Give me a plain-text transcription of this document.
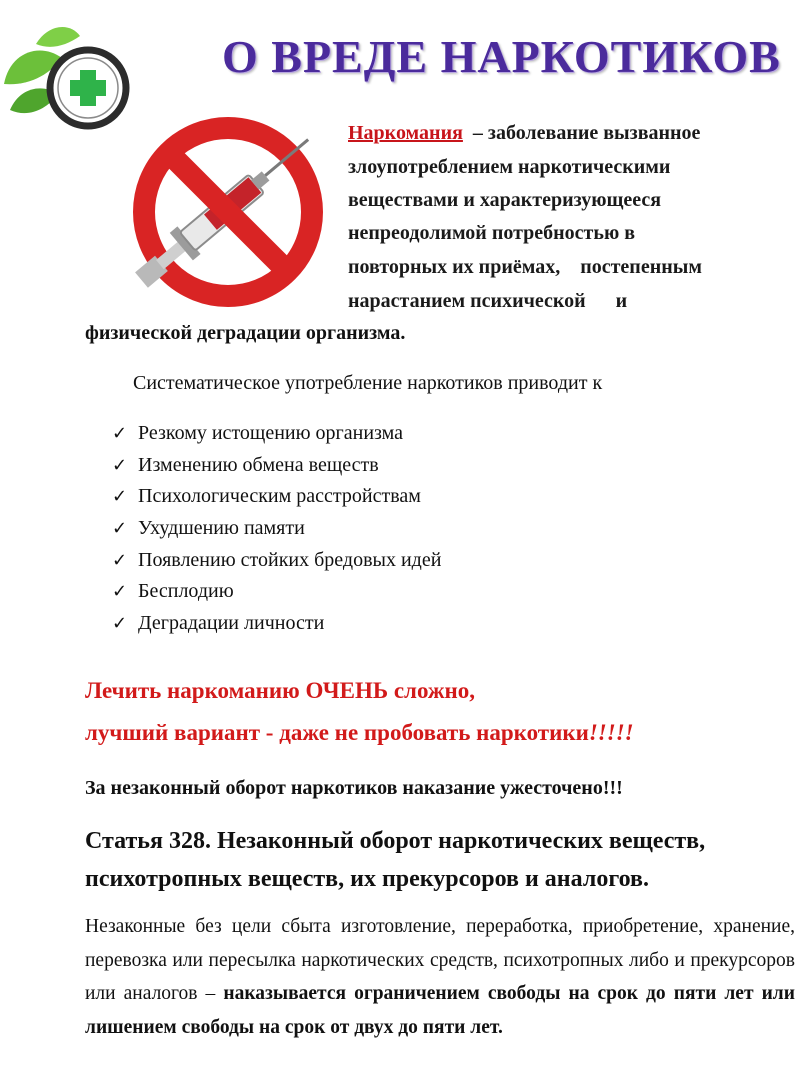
О ВРЕДЕ НАРКОТИКОВ
Наркомания – заболевание вызванное
злоупотреблением наркотическими
веществами и характеризующееся
непреодолимой потребностью в
повторных их приёмах,    постепенным
нарастанием психической      и
физической деградации организма.
Систематическое употребление наркотиков приводит к
✓ Резкому истощению организма
✓ Изменению обмена веществ
✓ Психологическим расстройствам
✓ Ухудшению памяти
✓ Появлению стойких бредовых идей
✓ Бесплодию
✓ Деградации личности
Лечить наркоманию ОЧЕНЬ сложно,
лучший вариант - даже не пробовать наркотики!!!!!
За незаконный оборот наркотиков наказание ужесточено!!!
Статья 328. Незаконный оборот наркотических веществ, психотропных веществ, их прекурсоров и аналогов.
Незаконные без цели сбыта изготовление, переработка, приобретение, хранение, перевозка или пересылка наркотических средств, психотропных либо и прекурсоров или аналогов – наказывается ограничением свободы на срок до пяти лет или лишением свободы на срок от двух до пяти лет.
